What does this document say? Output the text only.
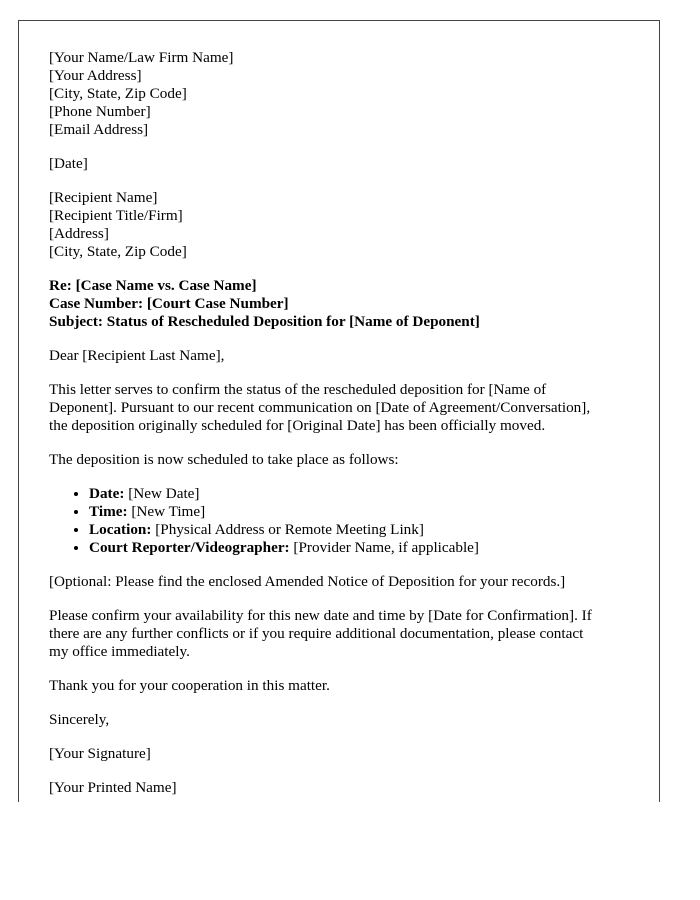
[Your Name/Law Firm Name]
[Your Address]
[City, State, Zip Code]
[Phone Number]
[Email Address]
[Date]
[Recipient Name]
[Recipient Title/Firm]
[Address]
[City, State, Zip Code]
Re: [Case Name vs. Case Name]
Case Number: [Court Case Number]
Subject: Status of Rescheduled Deposition for [Name of Deponent]

Dear [Recipient Last Name],

This letter serves to confirm the status of the rescheduled deposition for [Name of
Deponent]. Pursuant to our recent communication on [Date of Agreement/Conversation],
the deposition originally scheduled for [Original Date] has been officially moved.

The deposition is now scheduled to take place as follows:

• Date: [New Date]
• Time: [New Time]
• Location: [Physical Address or Remote Meeting Link]
• Court Reporter/Videographer: [Provider Name, if applicable]

[Optional: Please find the enclosed Amended Notice of Deposition for your records.]

Please confirm your availability for this new date and time by [Date for Confirmation]. If
there are any further conflicts or if you require additional documentation, please contact
my office immediately.

Thank you for your cooperation in this matter.

Sincerely,

[Your Signature]

[Your Printed Name]
